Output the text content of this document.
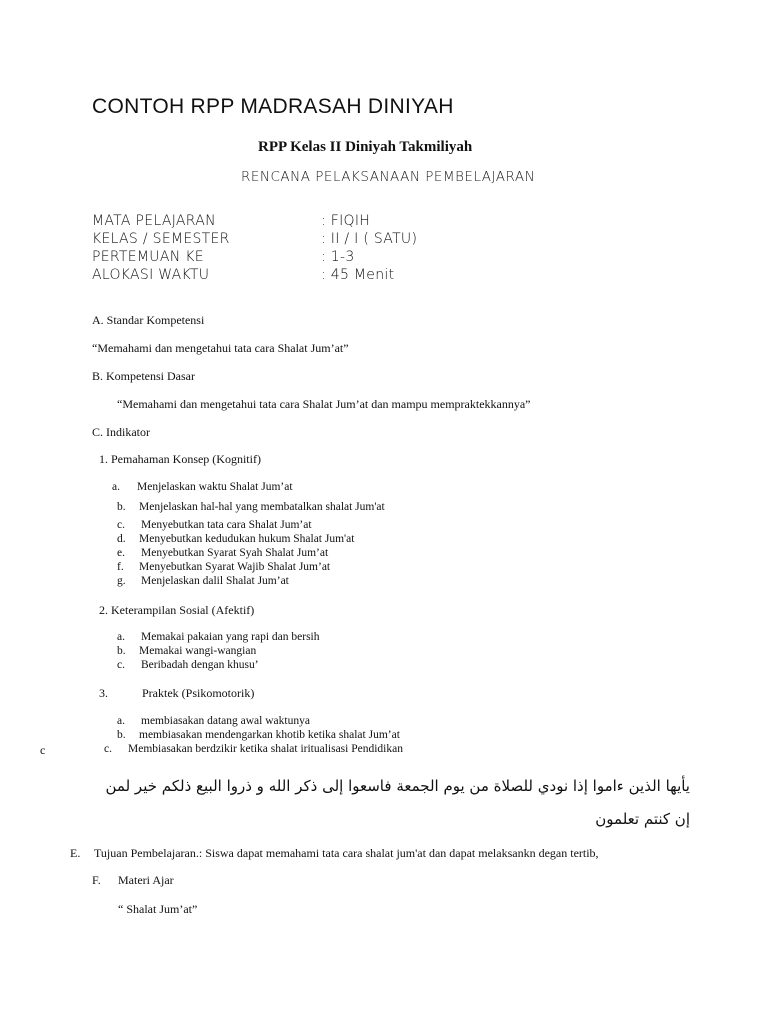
CONTOH RPP MADRASAH DINIYAH
RPP Kelas II Diniyah Takmiliyah
RENCANA PELAKSANAAN PEMBELAJARAN
MATA PELAJARAN	: FIQIH
KELAS / SEMESTER	: II / I ( SATU)
PERTEMUAN KE	: 1-3
ALOKASI WAKTU	: 45 Menit
A. Standar Kompetensi
“Memahami dan mengetahui tata cara Shalat Jum’at”
B. Kompetensi Dasar
“Memahami dan mengetahui tata cara Shalat Jum’at dan mampu mempraktekkannya”
C. Indikator
1. Pemahaman Konsep (Kognitif)
a. Menjelaskan waktu Shalat Jum’at
b. Menjelaskan hal-hal yang membatalkan shalat Jum'at
c. Menyebutkan tata cara Shalat Jum’at
d. Menyebutkan kedudukan hukum Shalat Jum'at
e. Menyebutkan Syarat Syah Shalat Jum’at
f. Menyebutkan Syarat Wajib Shalat Jum’at
g. Menjelaskan dalil Shalat Jum’at
2. Keterampilan Sosial (Afektif)
a. Memakai pakaian yang rapi dan bersih
b. Memakai wangi-wangian
c. Beribadah dengan khusu’
3.	Praktek (Psikomotorik)
a. membiasakan datang awal waktunya
b. membiasakan mendengarkan khotib ketika shalat Jum’at
c	c. Membiasakan berdzikir ketika shalat iritualisasi Pendidikan
يأيها الذين ءاموا إذا نودي للصلاة من يوم الجمعة فاسعوا إلى ذكر الله و ذروا البيع ذلكم خير لمن إن كنتم تعلمون
E. Tujuan Pembelajaran.: Siswa dapat memahami tata cara shalat jum'at dan dapat melaksankn degan tertib,
F. Materi Ajar
“ Shalat Jum’at”
